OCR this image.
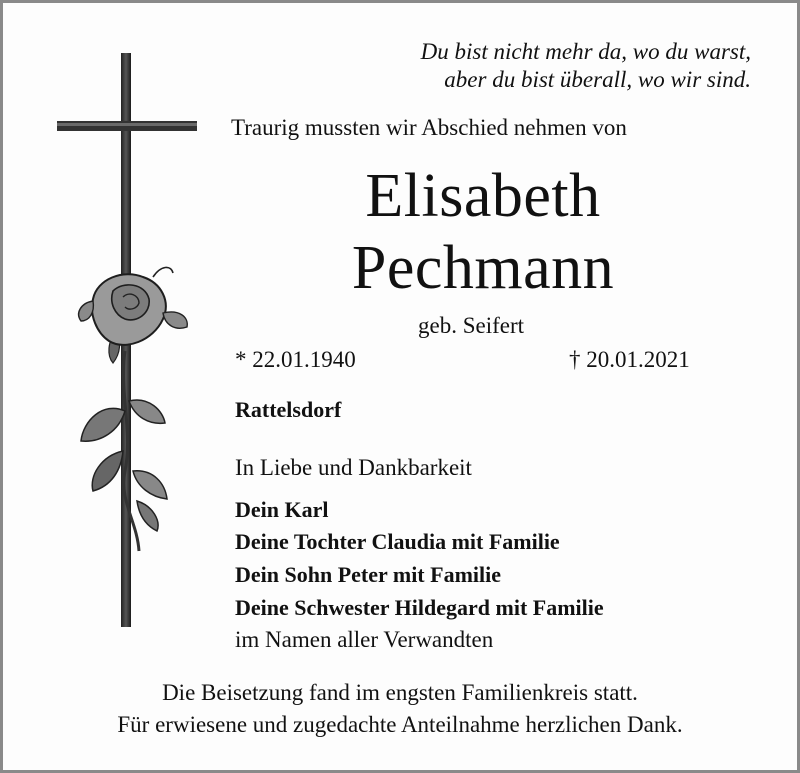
Du bist nicht mehr da, wo du warst,
aber du bist überall, wo wir sind.
Traurig mussten wir Abschied nehmen von
Elisabeth
Pechmann
geb. Seifert
* 22.01.1940	† 20.01.2021
Rattelsdorf
In Liebe und Dankbarkeit
Dein Karl
Deine Tochter Claudia mit Familie
Dein Sohn Peter mit Familie
Deine Schwester Hildegard mit Familie
im Namen aller Verwandten
Die Beisetzung fand im engsten Familienkreis statt.
Für erwiesene und zugedachte Anteilnahme herzlichen Dank.
